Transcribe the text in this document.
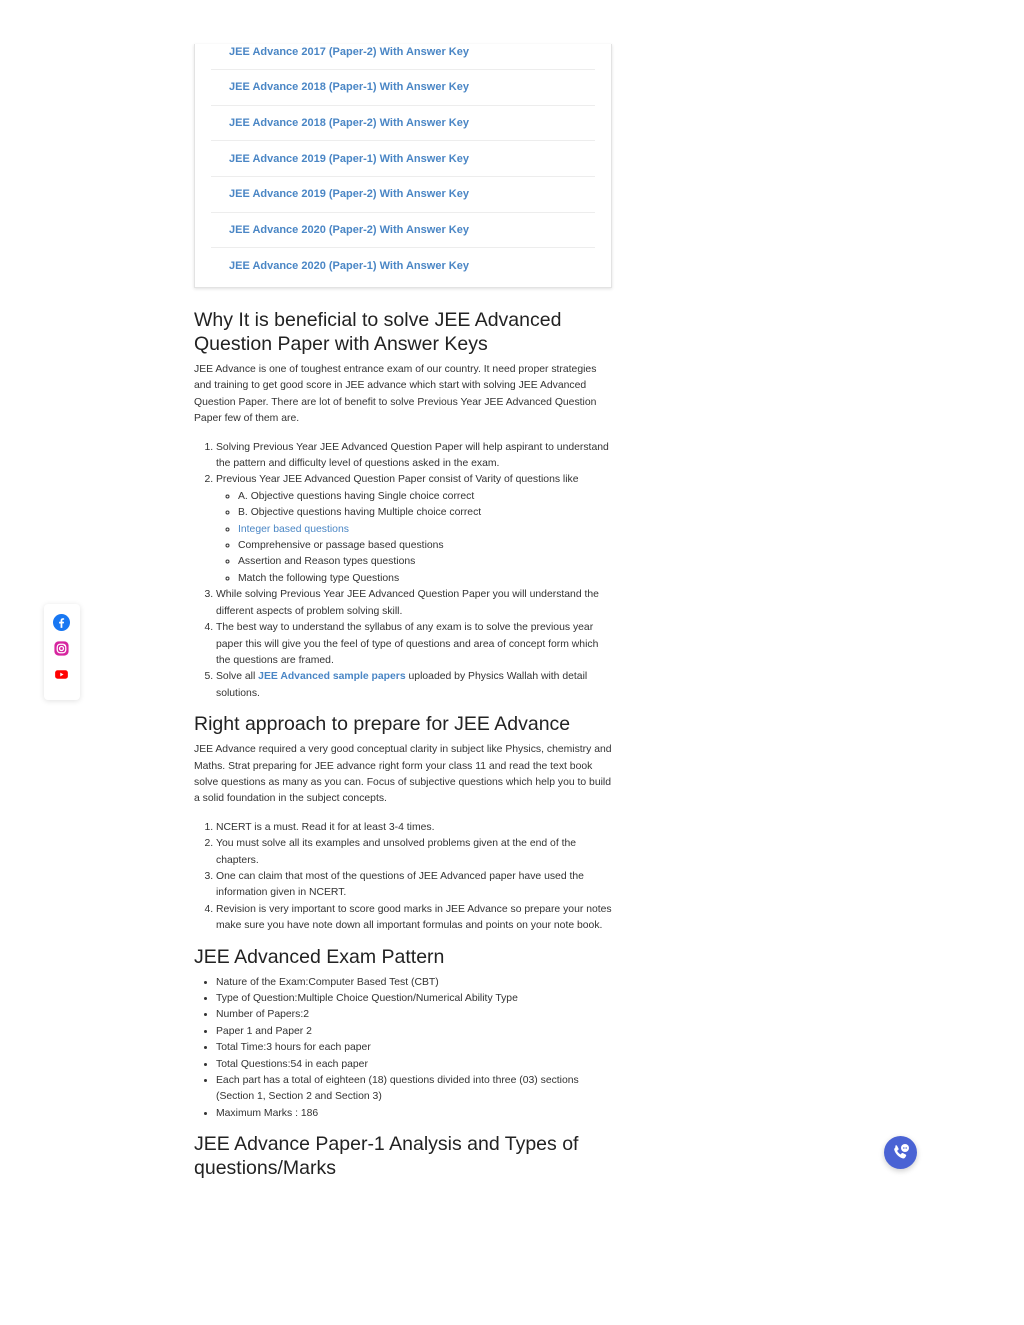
JEE Advance 2017 (Paper-2) With Answer Key
JEE Advance 2018 (Paper-1) With Answer Key
JEE Advance 2018 (Paper-2) With Answer Key
JEE Advance 2019 (Paper-1) With Answer Key
JEE Advance 2019 (Paper-2) With Answer Key
JEE Advance 2020 (Paper-2) With Answer Key
JEE Advance 2020 (Paper-1) With Answer Key
Why It is beneficial to solve JEE Advanced Question Paper with Answer Keys

JEE Advance is one of toughest entrance exam of our country. It need proper strategies and training to get good score in JEE advance which start with solving JEE Advanced Question Paper. There are lot of benefit to solve Previous Year JEE Advanced Question Paper few of them are.

1. Solving Previous Year JEE Advanced Question Paper will help aspirant to understand the pattern and difficulty level of questions asked in the exam.
2. Previous Year JEE Advanced Question Paper consist of Varity of questions like
◦ A. Objective questions having Single choice correct
◦ B. Objective questions having Multiple choice correct
◦ Integer based questions
◦ Comprehensive or passage based questions
◦ Assertion and Reason types questions
◦ Match the following type Questions
3. While solving Previous Year JEE Advanced Question Paper you will understand the different aspects of problem solving skill.
4. The best way to understand the syllabus of any exam is to solve the previous year paper this will give you the feel of type of questions and area of concept form which the questions are framed.
5. Solve all JEE Advanced sample papers uploaded by Physics Wallah with detail solutions.
Right approach to prepare for JEE Advance

JEE Advance required a very good conceptual clarity in subject like Physics, chemistry and Maths. Strat preparing for JEE advance right form your class 11 and read the text book solve questions as many as you can. Focus of subjective questions which help you to build a solid foundation in the subject concepts.

1. NCERT is a must. Read it for at least 3-4 times.
2. You must solve all its examples and unsolved problems given at the end of the chapters.
3. One can claim that most of the questions of JEE Advanced paper have used the information given in NCERT.
4. Revision is very important to score good marks in JEE Advance so prepare your notes make sure you have note down all important formulas and points on your note book.
JEE Advanced Exam Pattern
• Nature of the Exam:Computer Based Test (CBT)
• Type of Question:Multiple Choice Question/Numerical Ability Type
• Number of Papers:2
• Paper 1 and Paper 2
• Total Time:3 hours for each paper
• Total Questions:54 in each paper
• Each part has a total of eighteen (18) questions divided into three (03) sections (Section 1, Section 2 and Section 3)
• Maximum Marks : 186
JEE Advance Paper-1 Analysis and Types of questions/Marks
